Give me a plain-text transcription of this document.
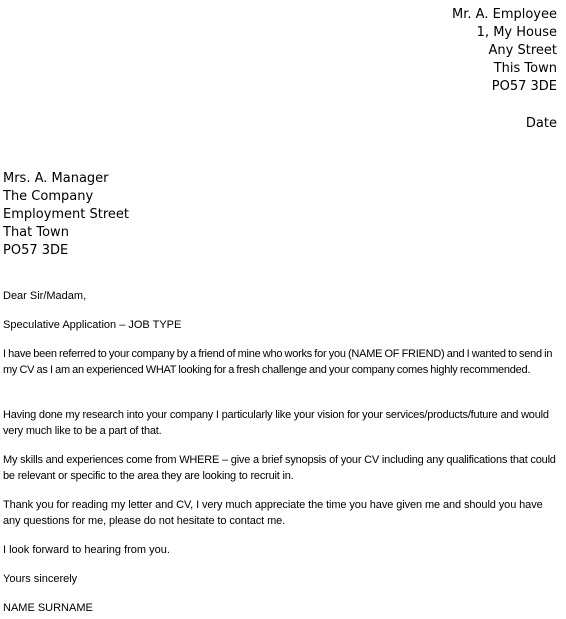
Mr. A. Employee
1, My House
Any Street
This Town
PO57 3DE
Date
Mrs. A. Manager
The Company
Employment Street
That Town
PO57 3DE

Dear Sir/Madam,

Speculative Application – JOB TYPE

I have been referred to your company by a friend of mine who works for you (NAME OF FRIEND) and I wanted to send in my CV as I am an experienced WHAT looking for a fresh challenge and your company comes highly recommended.

Having done my research into your company I particularly like your vision for your services/products/future and would very much like to be a part of that.

My skills and experiences come from WHERE – give a brief synopsis of your CV including any qualifications that could be relevant or specific to the area they are looking to recruit in.

Thank you for reading my letter and CV, I very much appreciate the time you have given me and should you have any questions for me, please do not hesitate to contact me.

I look forward to hearing from you.

Yours sincerely

NAME SURNAME
